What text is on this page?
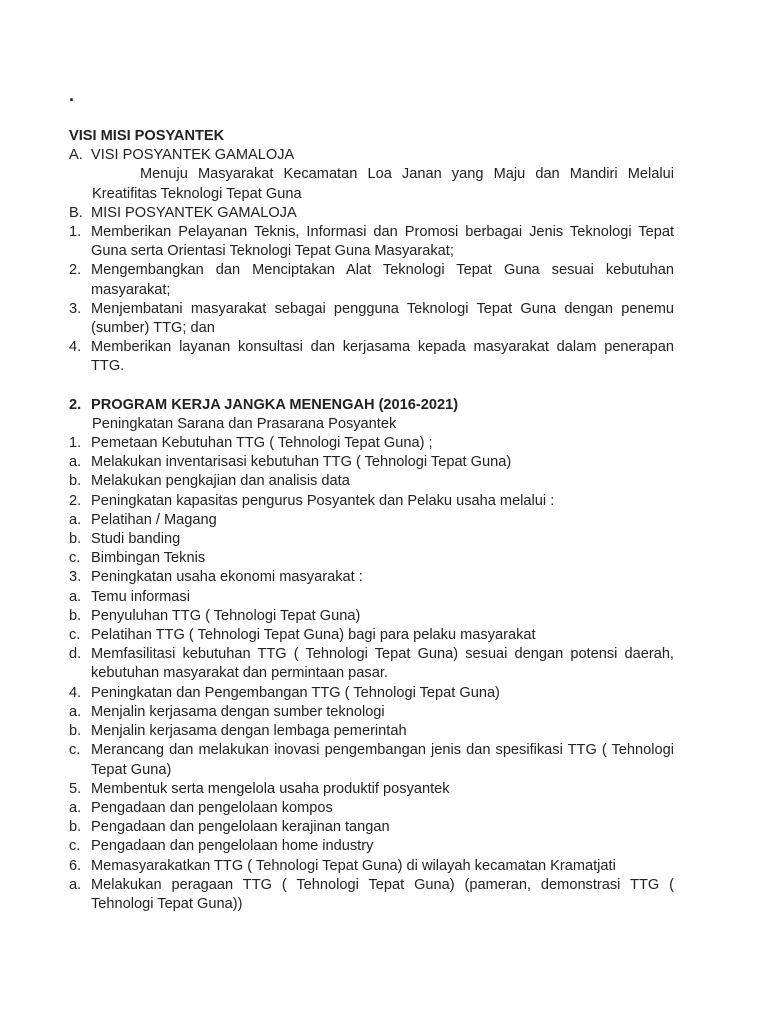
.
VISI MISI POSYANTEK
A. VISI POSYANTEK GAMALOJA
Menuju Masyarakat Kecamatan Loa Janan yang Maju dan Mandiri Melalui Kreatifitas Teknologi Tepat Guna
B. MISI POSYANTEK GAMALOJA
1. Memberikan Pelayanan Teknis, Informasi dan Promosi berbagai Jenis Teknologi Tepat Guna serta Orientasi Teknologi Tepat Guna Masyarakat;
2. Mengembangkan dan Menciptakan Alat Teknologi Tepat Guna sesuai kebutuhan masyarakat;
3. Menjembatani masyarakat sebagai pengguna Teknologi Tepat Guna dengan penemu (sumber) TTG; dan
4. Memberikan layanan konsultasi dan kerjasama kepada masyarakat dalam penerapan TTG.
2. PROGRAM KERJA JANGKA MENENGAH (2016-2021)
Peningkatan Sarana dan Prasarana Posyantek
1. Pemetaan Kebutuhan TTG ( Tehnologi Tepat Guna) ;
a. Melakukan inventarisasi kebutuhan TTG ( Tehnologi Tepat Guna)
b. Melakukan pengkajian dan analisis data
2. Peningkatan kapasitas pengurus Posyantek dan Pelaku usaha melalui :
a. Pelatihan / Magang
b. Studi banding
c. Bimbingan Teknis
3. Peningkatan usaha ekonomi masyarakat :
a. Temu informasi
b. Penyuluhan TTG ( Tehnologi Tepat Guna)
c. Pelatihan TTG ( Tehnologi Tepat Guna) bagi para pelaku masyarakat
d. Memfasilitasi kebutuhan TTG ( Tehnologi Tepat Guna) sesuai dengan potensi daerah, kebutuhan masyarakat dan permintaan pasar.
4. Peningkatan dan Pengembangan TTG ( Tehnologi Tepat Guna)
a. Menjalin kerjasama dengan sumber teknologi
b. Menjalin kerjasama dengan lembaga pemerintah
c. Merancang dan melakukan inovasi pengembangan jenis dan spesifikasi TTG ( Tehnologi Tepat Guna)
5. Membentuk serta mengelola usaha produktif posyantek
a. Pengadaan dan pengelolaan kompos
b. Pengadaan dan pengelolaan kerajinan tangan
c. Pengadaan dan pengelolaan home industry
6. Memasyarakatkan TTG ( Tehnologi Tepat Guna) di wilayah kecamatan Kramatjati
a. Melakukan peragaan TTG ( Tehnologi Tepat Guna) (pameran, demonstrasi TTG ( Tehnologi Tepat Guna))
